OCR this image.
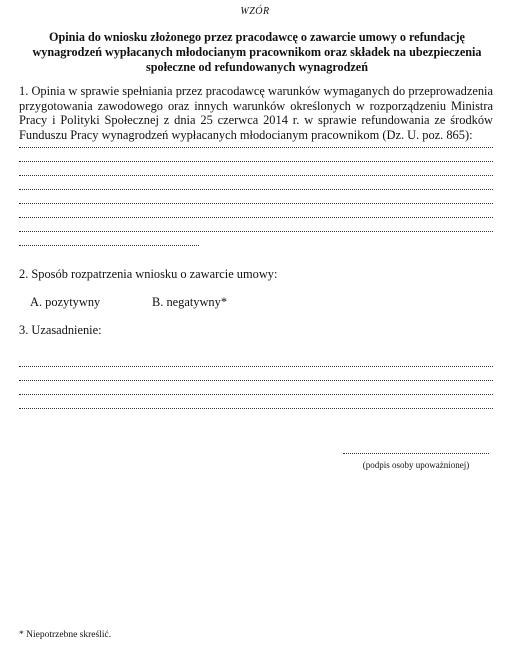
WZÓR
Opinia do wniosku złożonego przez pracodawcę o zawarcie umowy o refundację
wynagrodzeń wypłacanych młodocianym pracownikom oraz składek na ubezpieczenia
społeczne od refundowanych wynagrodzeń
1. Opinia w sprawie spełniania przez pracodawcę warunków wymaganych do przeprowadzenia przygotowania zawodowego oraz innych warunków określonych w rozporządzeniu Ministra Pracy i Polityki Społecznej z dnia 25 czerwca 2014 r. w sprawie refundowania ze środków Funduszu Pracy wynagrodzeń wypłacanych młodocianym pracownikom (Dz. U. poz. 865):
2. Sposób rozpatrzenia wniosku o zawarcie umowy:
A. pozytywny	B. negatywny*
3. Uzasadnienie:
(podpis osoby upoważnionej)
* Niepotrzebne skreślić.
